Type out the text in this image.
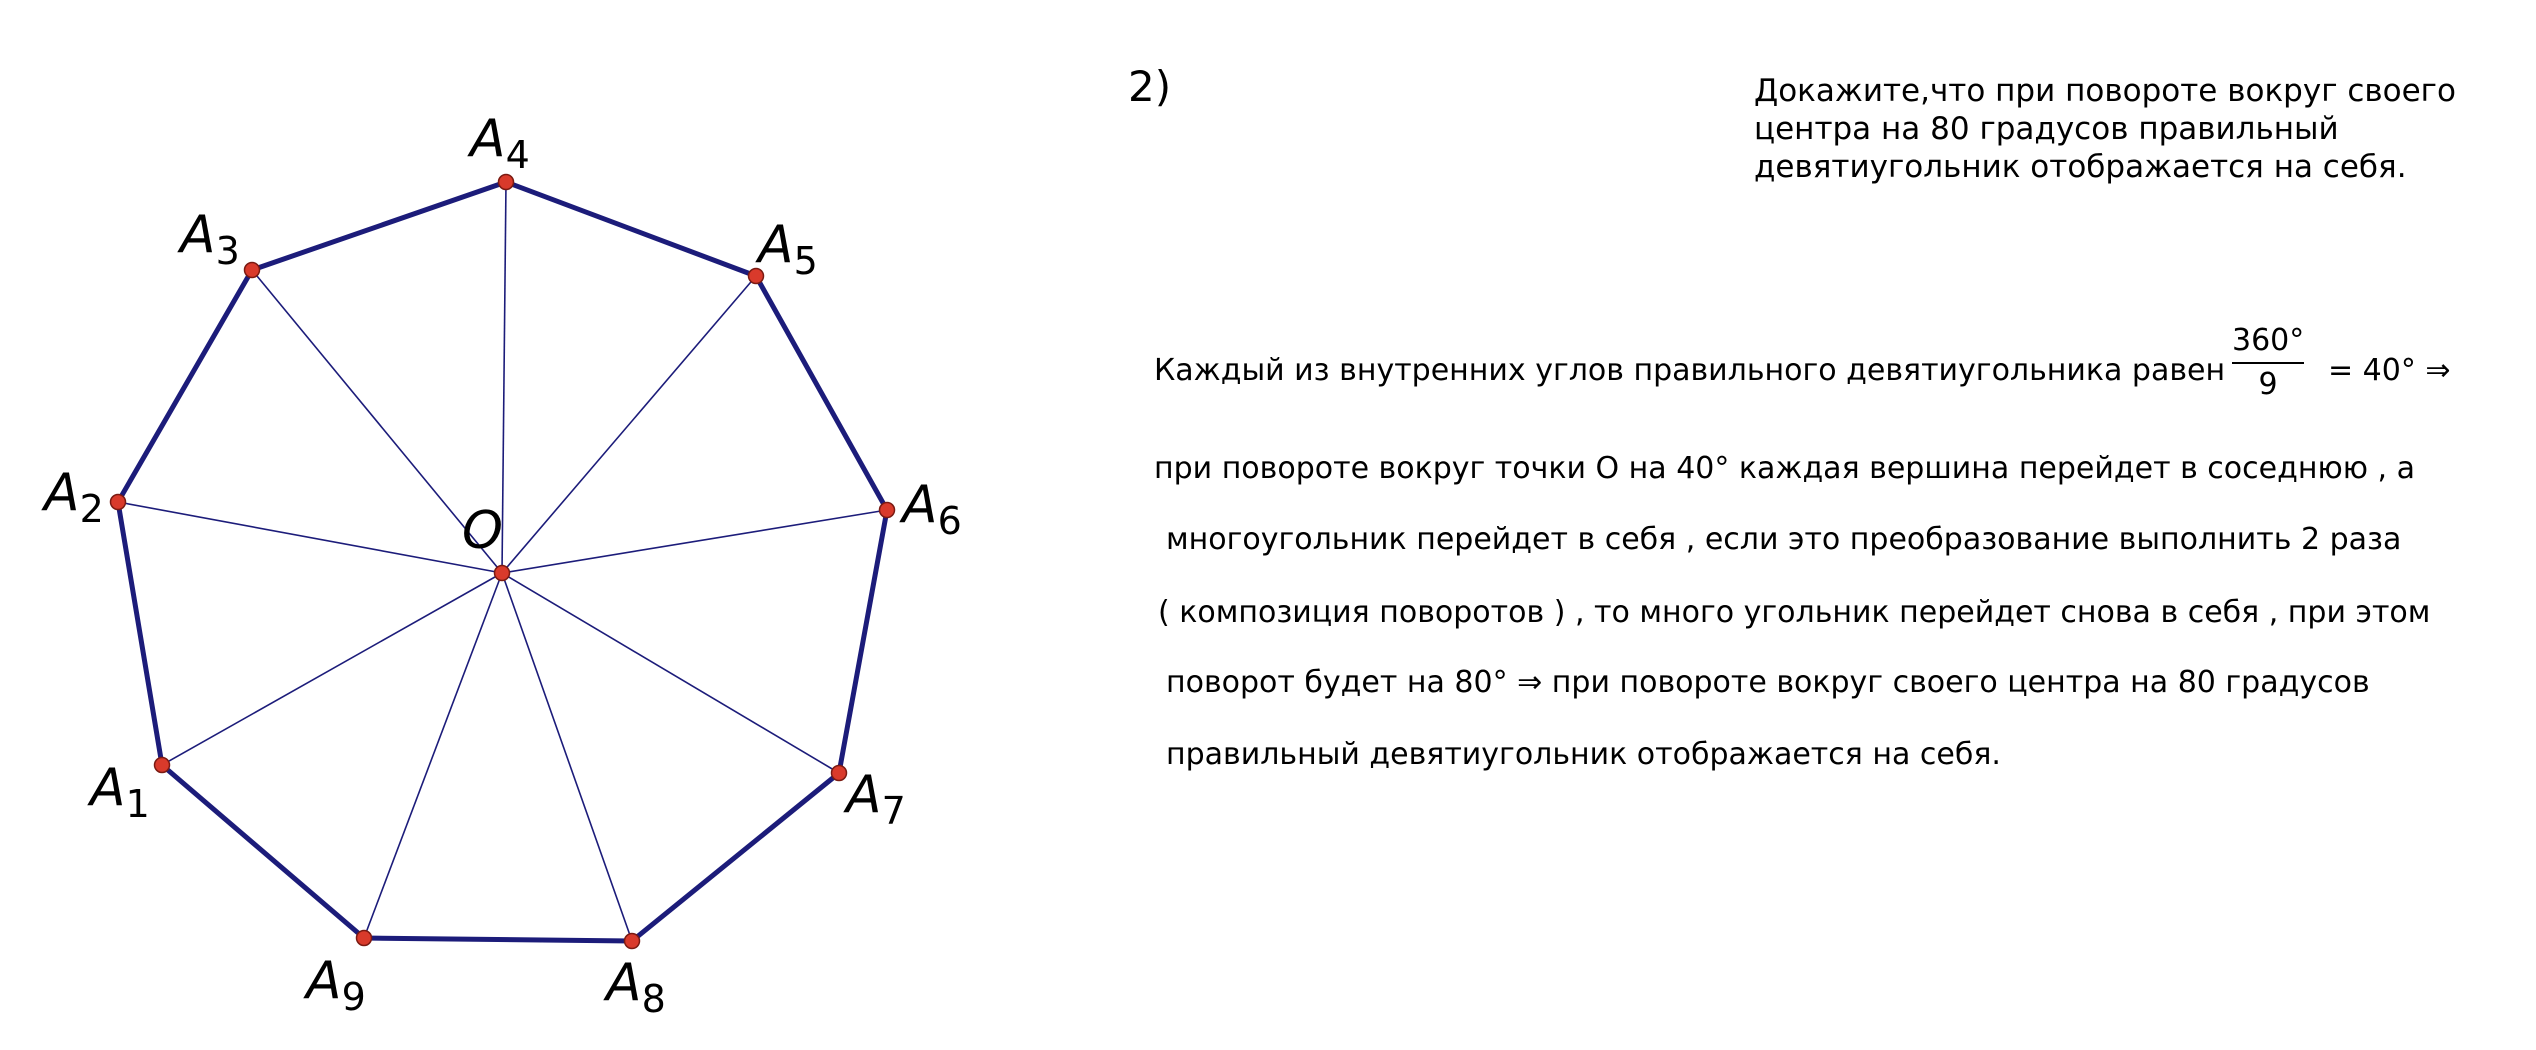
$A_1$
$A_2$
$A_3$
$A_4$
$A_5$
$A_6$
$A_7$
$A_8$
$A_9$
O
2)	Докажите,что при повороте вокруг своего
центра на 80 градусов правильный
девятиугольник отображается на себя.
Каждый из внутренних углов правильного девятиугольника равен $\frac{360^\circ}{9} = 40^\circ$ ⇒
при повороте вокруг точки О на 40° каждая вершина перейдет в соседнюю , а
многоугольник перейдет в себя , если это преобразование выполнить 2 раза
( композиция поворотов ) , то много угольник перейдет снова в себя , при этом
поворот будет на 80° ⇒ при повороте вокруг своего центра на 80 градусов
правильный девятиугольник отображается на себя.
